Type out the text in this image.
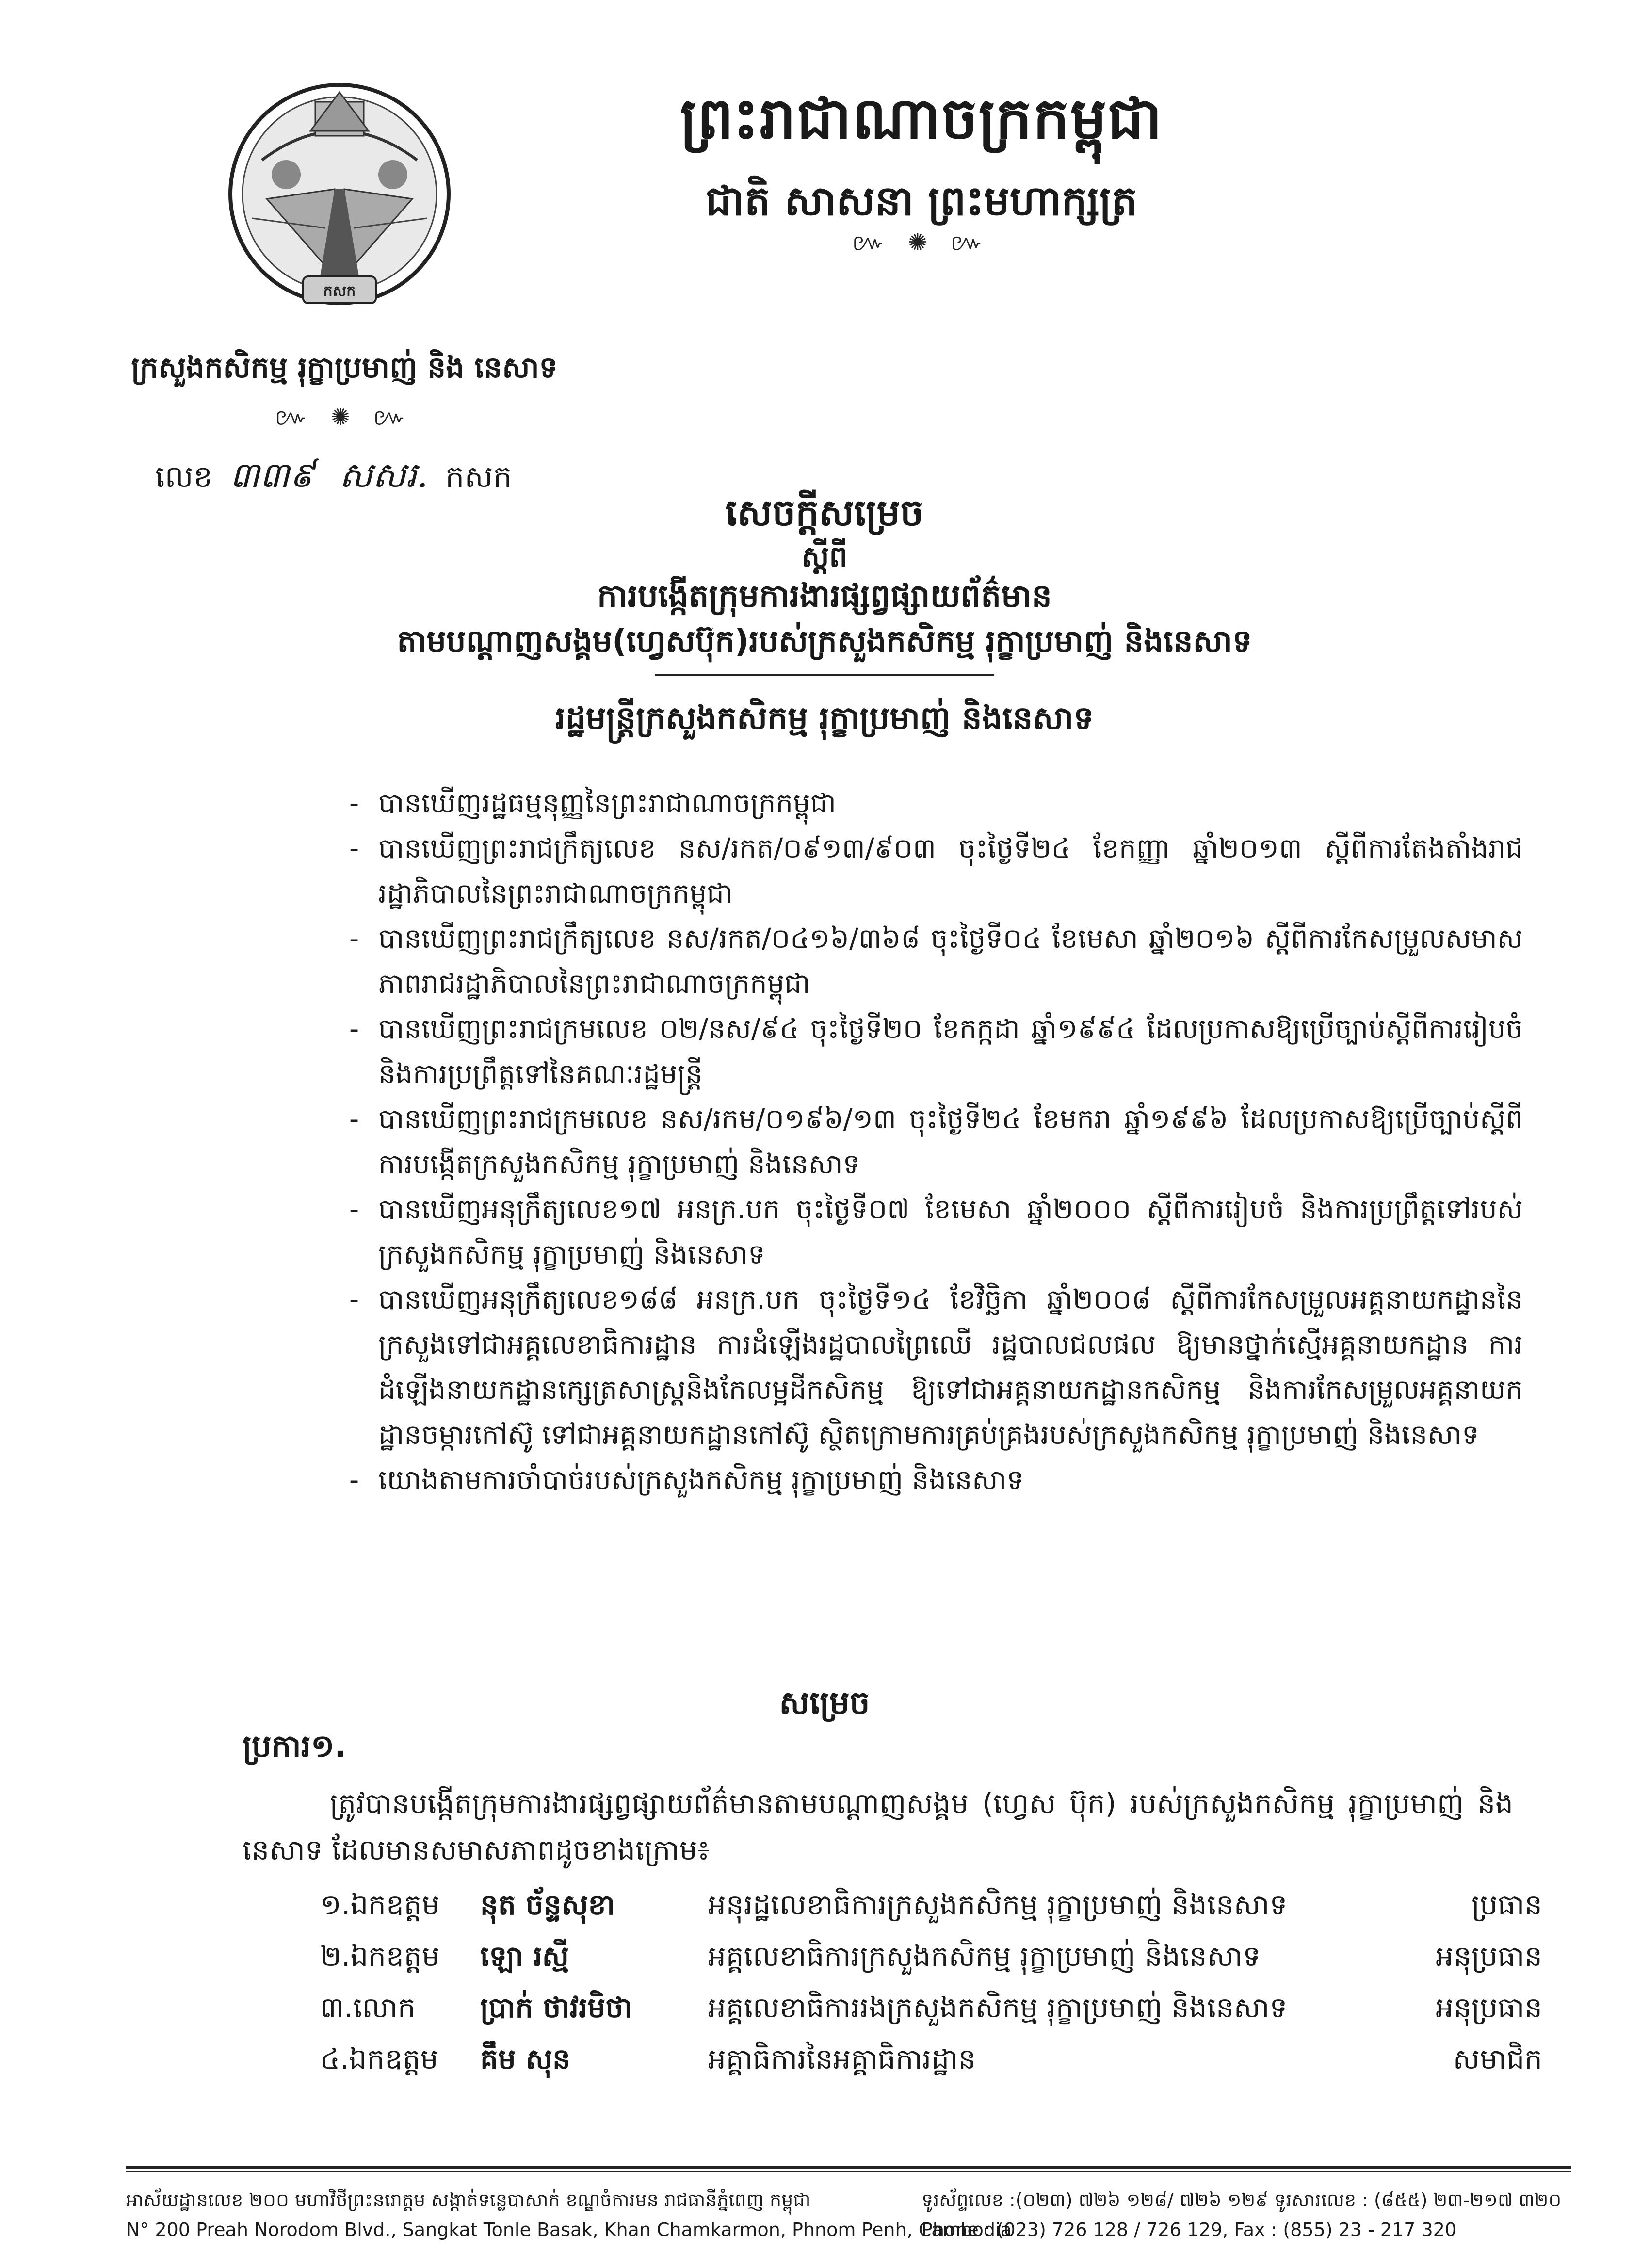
កសក
ព្រះរាជាណាចក្រកម្ពុជា
ជាតិ សាសនា ព្រះមហាក្សត្រ
៚ ✺ ៚
ក្រសួងកសិកម្ម រុក្ខាប្រមាញ់ និង នេសាទ
៚ ✺ ៚
លេខ ៣៣៩ សសរ. កសក
សេចក្តីសម្រេច
ស្តីពី
ការបង្កើតក្រុមការងារផ្សព្វផ្សាយព័ត៌មាន
តាមបណ្តាញសង្គម(ហ្វេសប៊ុក)របស់ក្រសួងកសិកម្ម រុក្ខាប្រមាញ់ និងនេសាទ
រដ្ឋមន្ត្រីក្រសួងកសិកម្ម រុក្ខាប្រមាញ់ និងនេសាទ

- បានឃើញរដ្ឋធម្មនុញ្ញនៃព្រះរាជាណាចក្រកម្ពុជា

- បានឃើញព្រះរាជក្រឹត្យលេខ នស/រកត/០៩១៣/៩០៣ ចុះថ្ងៃទី២៤ ខែកញ្ញា ឆ្នាំ២០១៣ ស្តីពីការតែងតាំងរាជរដ្ឋាភិបាលនៃព្រះរាជាណាចក្រកម្ពុជា

- បានឃើញព្រះរាជក្រឹត្យលេខ នស/រកត/០៤១៦/៣៦៨ ចុះថ្ងៃទី០៤ ខែមេសា ឆ្នាំ២០១៦ ស្តីពីការកែសម្រួលសមាសភាពរាជរដ្ឋាភិបាលនៃព្រះរាជាណាចក្រកម្ពុជា

- បានឃើញព្រះរាជក្រមលេខ ០២/នស/៩៤ ចុះថ្ងៃទី២០ ខែកក្កដា ឆ្នាំ១៩៩៤ ដែលប្រកាសឱ្យប្រើច្បាប់ស្តីពីការរៀបចំ និងការប្រព្រឹត្តទៅនៃគណៈរដ្ឋមន្ត្រី

- បានឃើញព្រះរាជក្រមលេខ នស/រកម/០១៩៦/១៣ ចុះថ្ងៃទី២៤ ខែមករា ឆ្នាំ១៩៩៦ ដែលប្រកាសឱ្យប្រើច្បាប់ស្តីពីការបង្កើតក្រសួងកសិកម្ម រុក្ខាប្រមាញ់ និងនេសាទ

- បានឃើញអនុក្រឹត្យលេខ១៧ អនក្រ.បក ចុះថ្ងៃទី០៧ ខែមេសា ឆ្នាំ២០០០ ស្តីពីការរៀបចំ និងការប្រព្រឹត្តទៅរបស់ក្រសួងកសិកម្ម រុក្ខាប្រមាញ់ និងនេសាទ

- បានឃើញអនុក្រឹត្យលេខ១៨៨ អនក្រ.បក ចុះថ្ងៃទី១៤ ខែវិច្ឆិកា ឆ្នាំ២០០៨ ស្តីពីការកែសម្រួលអគ្គនាយកដ្ឋាននៃក្រសួងទៅជាអគ្គលេខាធិការដ្ឋាន ការដំឡើងរដ្ឋបាលព្រៃឈើ រដ្ឋបាលជលផល ឱ្យមានថ្នាក់ស្មើអគ្គនាយកដ្ឋាន ការដំឡើងនាយកដ្ឋានក្សេត្រសាស្ត្រនិងកែលម្អដីកសិកម្ម ឱ្យទៅជាអគ្គនាយកដ្ឋានកសិកម្ម និងការកែសម្រួលអគ្គនាយកដ្ឋានចម្ការកៅស៊ូ ទៅជាអគ្គនាយកដ្ឋានកៅស៊ូ ស្ថិតក្រោមការគ្រប់គ្រងរបស់ក្រសួងកសិកម្ម រុក្ខាប្រមាញ់ និងនេសាទ

- យោងតាមការចាំបាច់របស់ក្រសួងកសិកម្ម រុក្ខាប្រមាញ់ និងនេសាទ

សម្រេច
ប្រការ១.

ត្រូវបានបង្កើតក្រុមការងារផ្សព្វផ្សាយព័ត៌មានតាមបណ្តាញសង្គម (ហ្វេស ប៊ុក) របស់ក្រសួងកសិកម្ម រុក្ខាប្រមាញ់ និងនេសាទ ដែលមានសមាសភាពដូចខាងក្រោម៖

១.ឯកឧត្តម	នុត ច័ន្ទសុខា	អនុរដ្ឋលេខាធិការក្រសួងកសិកម្ម រុក្ខាប្រមាញ់ និងនេសាទ	ប្រធាន
២.ឯកឧត្តម	ឡោ រស្មី	អគ្គលេខាធិការក្រសួងកសិកម្ម រុក្ខាប្រមាញ់ និងនេសាទ	អនុប្រធាន
៣.លោក	ប្រាក់ ថាវរមិថា	អគ្គលេខាធិការរងក្រសួងកសិកម្ម រុក្ខាប្រមាញ់ និងនេសាទ	អនុប្រធាន
៤.ឯកឧត្តម	គឹម សុន	អគ្គាធិការនៃអគ្គាធិការដ្ឋាន	សមាជិក
អាស័យដ្ឋានលេខ ២០០ មហាវិថីព្រះនរោត្តម សង្កាត់ទន្លេបាសាក់ ខណ្ឌចំការមន រាជធានីភ្នំពេញ កម្ពុជា
N° 200 Preah Norodom Blvd., Sangkat Tonle Basak, Khan Chamkarmon, Phnom Penh, Cambodia
ទូរស័ព្ទលេខ :(០២៣) ៧២៦ ១២៨/ ៧២៦ ១២៩ ទូរសារលេខ : (៨៥៥) ២៣-២១៧ ៣២០
Phone : (023) 726 128 / 726 129, Fax : (855) 23 - 217 320
